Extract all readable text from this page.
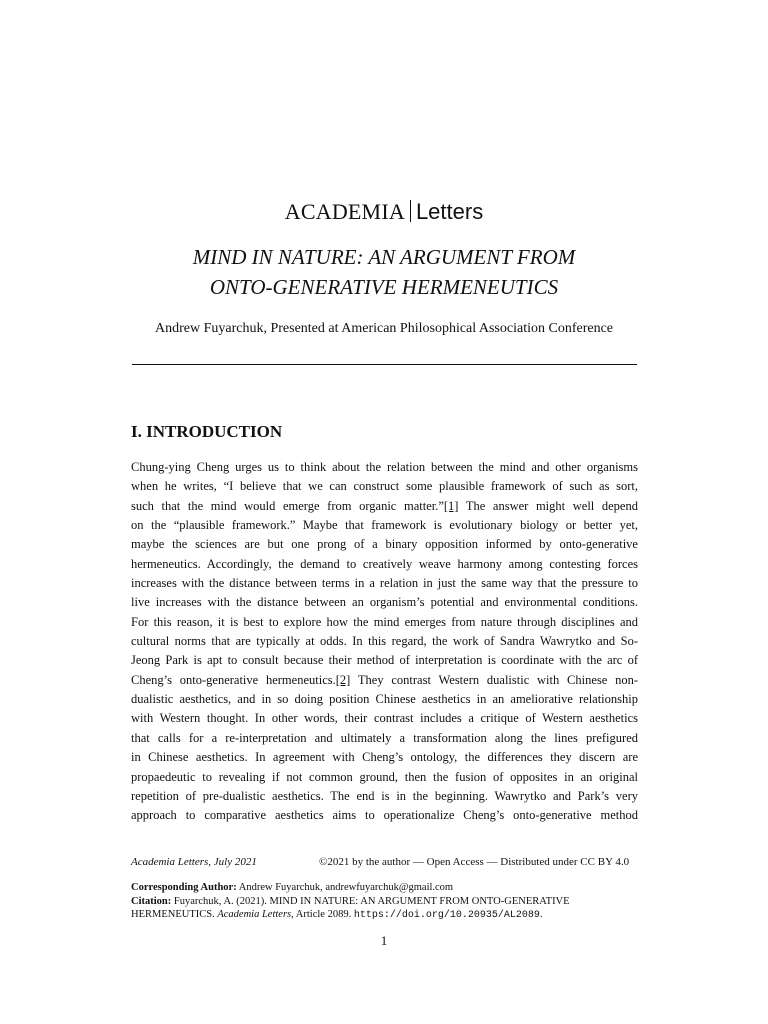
ACADEMIA Letters
MIND IN NATURE: AN ARGUMENT FROM
ONTO-GENERATIVE HERMENEUTICS
Andrew Fuyarchuk, Presented at American Philosophical Association Conference
I. INTRODUCTION
Chung-ying Cheng urges us to think about the relation between the mind and other organisms
when he writes, “I believe that we can construct some plausible framework of such as sort,
such that the mind would emerge from organic matter.”[1] The answer might well depend
on the “plausible framework.” Maybe that framework is evolutionary biology or better yet,
maybe the sciences are but one prong of a binary opposition informed by onto-generative
hermeneutics. Accordingly, the demand to creatively weave harmony among contesting forces
increases with the distance between terms in a relation in just the same way that the pressure to
live increases with the distance between an organism’s potential and environmental conditions.
For this reason, it is best to explore how the mind emerges from nature through disciplines and
cultural norms that are typically at odds. In this regard, the work of Sandra Wawrytko and So-
Jeong Park is apt to consult because their method of interpretation is coordinate with the arc of
Cheng’s onto-generative hermeneutics.[2] They contrast Western dualistic with Chinese non-
dualistic aesthetics, and in so doing position Chinese aesthetics in an ameliorative relationship
with Western thought. In other words, their contrast includes a critique of Western aesthetics
that calls for a re-interpretation and ultimately a transformation along the lines prefigured
in Chinese aesthetics. In agreement with Cheng’s ontology, the differences they discern are
propaedeutic to revealing if not common ground, then the fusion of opposites in an original
repetition of pre-dualistic aesthetics. The end is in the beginning. Wawrytko and Park’s very
approach to comparative aesthetics aims to operationalize Cheng’s onto-generative method
Academia Letters, July 2021	©2021 by the author — Open Access — Distributed under CC BY 4.0
Corresponding Author: Andrew Fuyarchuk, andrewfuyarchuk@gmail.com
Citation: Fuyarchuk, A. (2021). MIND IN NATURE: AN ARGUMENT FROM ONTO-GENERATIVE
HERMENEUTICS. Academia Letters, Article 2089. https://doi.org/10.20935/AL2089.
1
